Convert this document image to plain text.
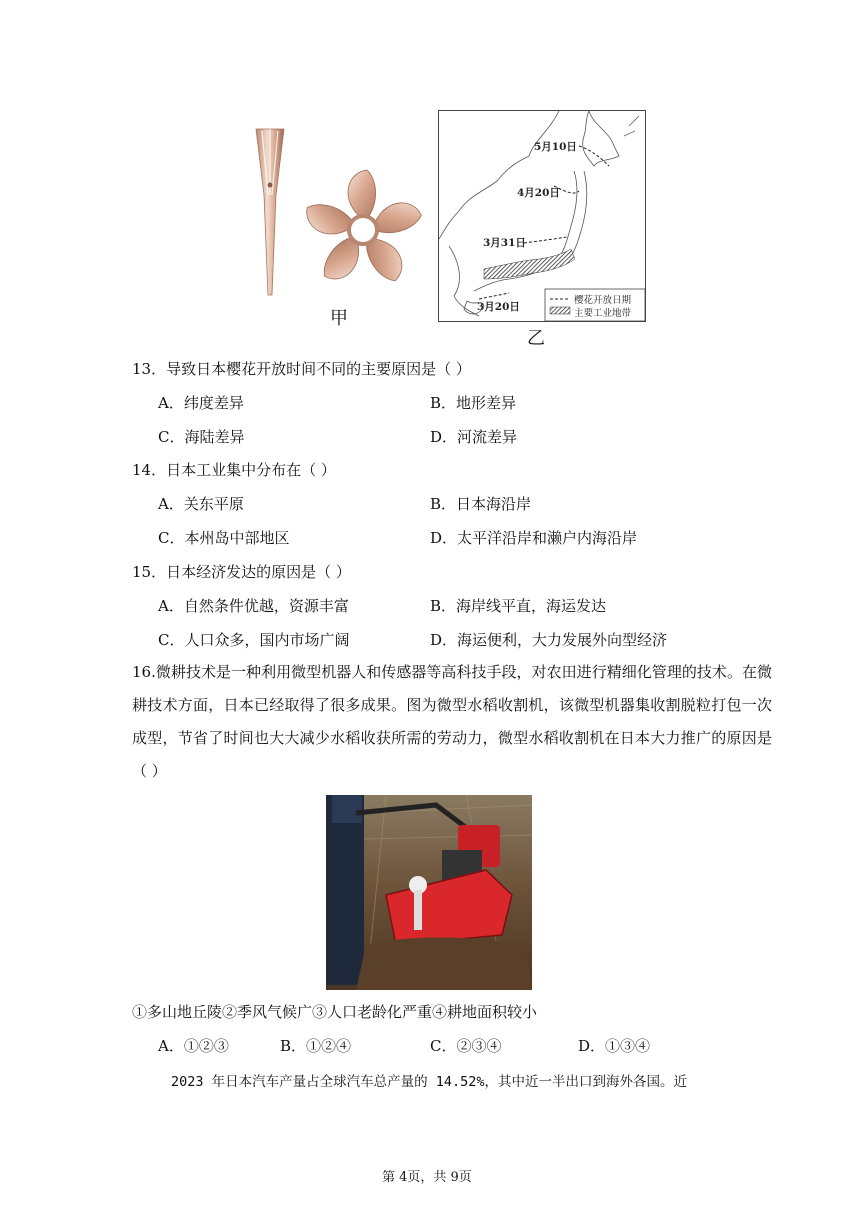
甲
5月10日
4月20日
3月31日
3月20日
樱花开放日期
主要工业地带
乙
13．导致日本樱花开放时间不同的主要原因是（ ）
A．纬度差异	B．地形差异
C．海陆差异	D．河流差异
14．日本工业集中分布在（ ）
A．关东平原	B．日本海沿岸
C．本州岛中部地区	D．太平洋沿岸和濑户内海沿岸
15．日本经济发达的原因是（ ）
A．自然条件优越，资源丰富	B．海岸线平直，海运发达
C．人口众多，国内市场广阔	D．海运便利，大力发展外向型经济
16.微耕技术是一种利用微型机器人和传感器等高科技手段，对农田进行精细化管理的技术。在微耕技术方面，日本已经取得了很多成果。图为微型水稻收割机，该微型机器集收割脱粒打包一次成型，节省了时间也大大减少水稻收获所需的劳动力，微型水稻收割机在日本大力推广的原因是（ ）
①多山地丘陵②季风气候广③人口老龄化严重④耕地面积较小
A．①②③	B．①②④	C．②③④	D．①③④
2023 年日本汽车产量占全球汽车总产量的 14.52%，其中近一半出口到海外各国。近
第 4页，共 9页
